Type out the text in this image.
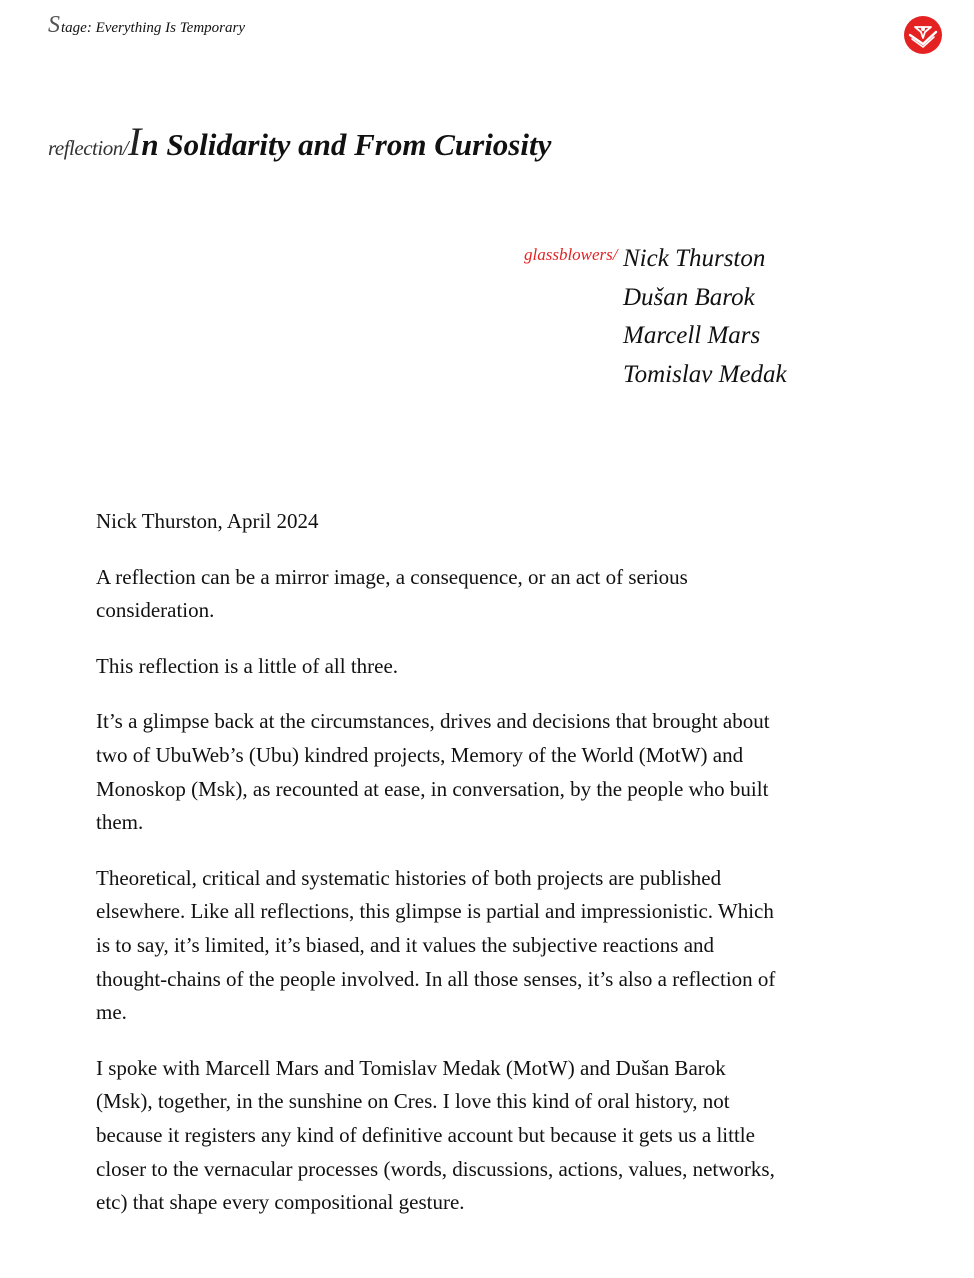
Stage: Everything Is Temporary
reflection/In Solidarity and From Curiosity
glassblowers/ Nick Thurston
Dušan Barok
Marcell Mars
Tomislav Medak

Nick Thurston, April 2024

A reflection can be a mirror image, a consequence, or an act of serious consideration.

This reflection is a little of all three.

It’s a glimpse back at the circumstances, drives and decisions that brought about two of UbuWeb’s (Ubu) kindred projects, Memory of the World (MotW) and Monoskop (Msk), as recounted at ease, in conversation, by the people who built them.

Theoretical, critical and systematic histories of both projects are published elsewhere. Like all reflections, this glimpse is partial and impressionistic. Which is to say, it’s limited, it’s biased, and it values the subjective reactions and thought-chains of the people involved. In all those senses, it’s also a reflection of me.

I spoke with Marcell Mars and Tomislav Medak (MotW) and Dušan Barok (Msk), together, in the sunshine on Cres. I love this kind of oral history, not because it registers any kind of definitive account but because it gets us a little closer to the vernacular processes (words, discussions, actions, values, networks, etc) that shape every compositional gesture.
